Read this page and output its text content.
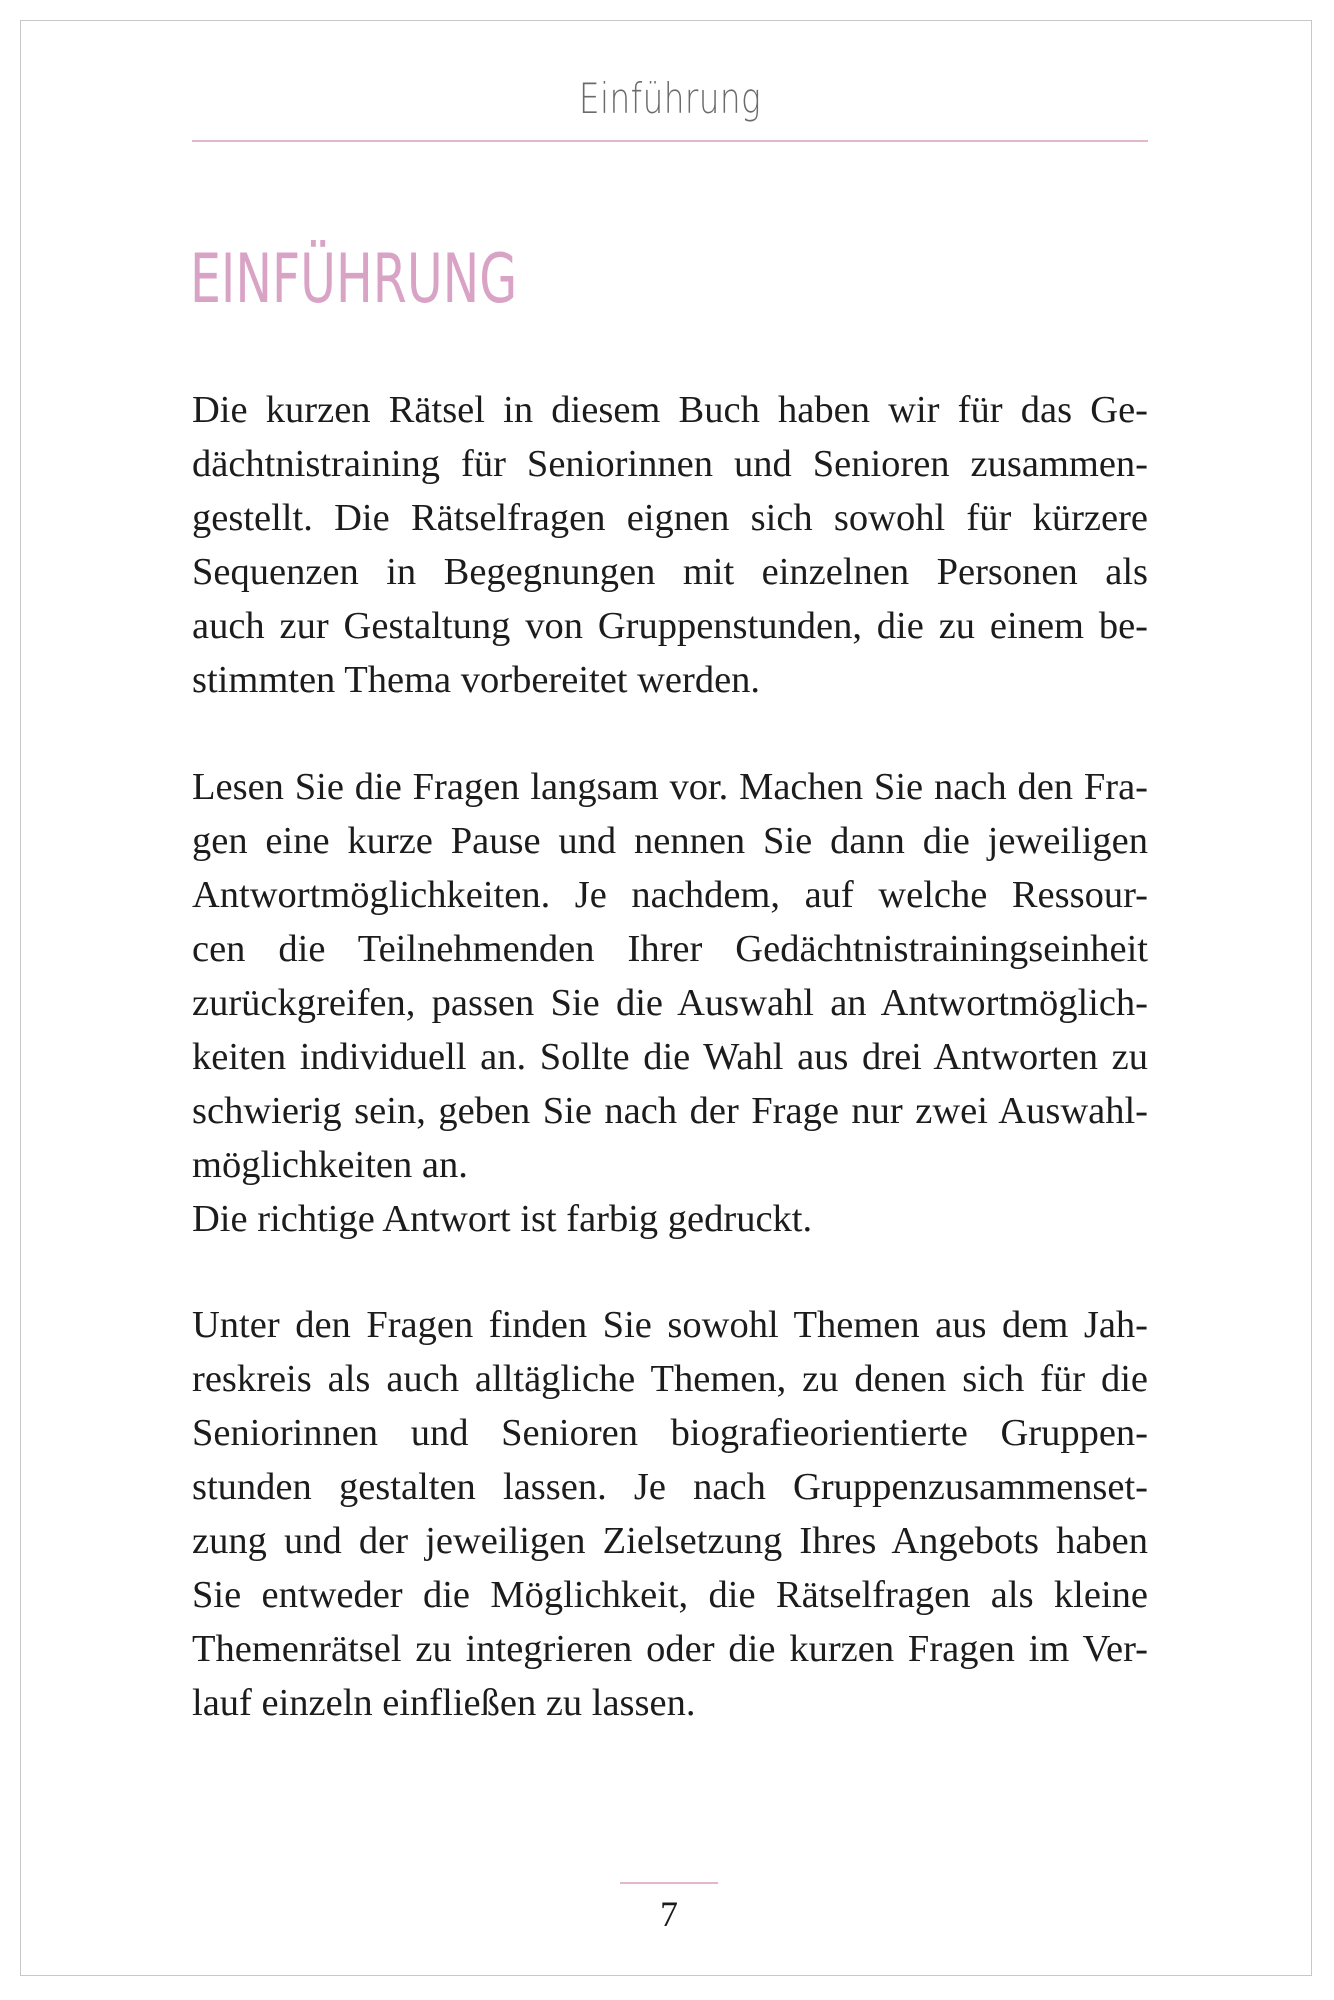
Einführung
EINFÜHRUNG
Die kurzen Rätsel in diesem Buch haben wir für das Ge-
dächtnistraining für Seniorinnen und Senioren zusammen-
gestellt. Die Rätselfragen eignen sich sowohl für kürzere
Sequenzen in Begegnungen mit einzelnen Personen als
auch zur Gestaltung von Gruppenstunden, die zu einem be-
stimmten Thema vorbereitet werden.
Lesen Sie die Fragen langsam vor. Machen Sie nach den Fra-
gen eine kurze Pause und nennen Sie dann die jeweiligen
Antwortmöglichkeiten. Je nachdem, auf welche Ressour-
cen die Teilnehmenden Ihrer Gedächtnistrainingseinheit
zurückgreifen, passen Sie die Auswahl an Antwortmöglich-
keiten individuell an. Sollte die Wahl aus drei Antworten zu
schwierig sein, geben Sie nach der Frage nur zwei Auswahl-
möglichkeiten an.
Die richtige Antwort ist farbig gedruckt.
Unter den Fragen finden Sie sowohl Themen aus dem Jah-
reskreis als auch alltägliche Themen, zu denen sich für die
Seniorinnen und Senioren biografieorientierte Gruppen-
stunden gestalten lassen. Je nach Gruppenzusammenset-
zung und der jeweiligen Zielsetzung Ihres Angebots haben
Sie entweder die Möglichkeit, die Rätselfragen als kleine
Themenrätsel zu integrieren oder die kurzen Fragen im Ver-
lauf einzeln einfließen zu lassen.
7
